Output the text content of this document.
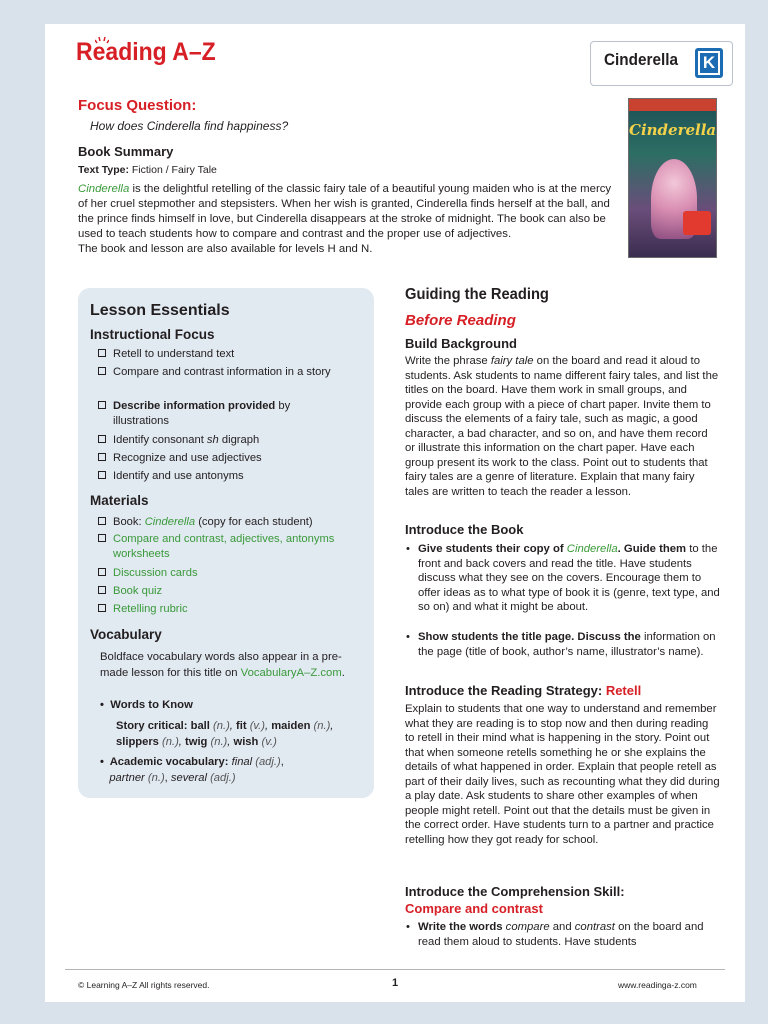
Reading A–Z	Cinderella K
Focus Question:
How does Cinderella find happiness?
Book Summary
Text Type: Fiction / Fairy Tale
Cinderella is the delightful retelling of the classic fairy tale of a beautiful young maiden who is at the mercy of her cruel stepmother and stepsisters. When her wish is granted, Cinderella finds herself at the ball, and the prince finds himself in love, but Cinderella disappears at the stroke of midnight. The book can also be used to teach students how to compare and contrast and the proper use of adjectives.
The book and lesson are also available for levels H and N.
Cinderella
Lesson Essentials
Instructional Focus
Retell to understand text
Compare and contrast information in a story
Describe information provided by illustrations
Identify consonant sh digraph
Recognize and use adjectives
Identify and use antonyms
Materials
Book: Cinderella (copy for each student)
Compare and contrast, adjectives, antonyms worksheets
Discussion cards
Book quiz
Retelling rubric
Vocabulary
Boldface vocabulary words also appear in a pre-made lesson for this title on VocabularyA–Z.com.
•  Words to Know
Story critical: ball (n.), fit (v.), maiden (n.), slippers (n.), twig (n.), wish (v.)
•  Academic vocabulary: final (adj.),
partner (n.), several (adj.)
Guiding the Reading
Before Reading
Build Background
Write the phrase fairy tale on the board and read it aloud to students. Ask students to name different fairy tales, and list the titles on the board. Have them work in small groups, and provide each group with a piece of chart paper. Invite them to discuss the elements of a fairy tale, such as magic, a good character, a bad character, and so on, and have them record or illustrate this information on the chart paper. Have each group present its work to the class. Point out to students that fairy tales are a genre of literature. Explain that many fairy tales are written to teach the reader a lesson.
Introduce the Book
• Give students their copy of Cinderella. Guide them to the front and back covers and read the title. Have students discuss what they see on the covers. Encourage them to offer ideas as to what type of book it is (genre, text type, and so on) and what it might be about.
• Show students the title page. Discuss the information on the page (title of book, author’s name, illustrator’s name).
Introduce the Reading Strategy: Retell
Explain to students that one way to understand and remember what they are reading is to stop now and then during reading to retell in their mind what is happening in the story. Point out that when someone retells something he or she explains the details of what happened in order. Explain that people retell as part of their daily lives, such as recounting what they did during a play date. Ask students to share other examples of when people might retell. Point out that the details must be given in the correct order. Have students turn to a partner and practice retelling how they got ready for school.
Introduce the Comprehension Skill:
Compare and contrast
• Write the words compare and contrast on the board and read them aloud to students. Have students
© Learning A–Z All rights reserved.	1	www.readinga-z.com
